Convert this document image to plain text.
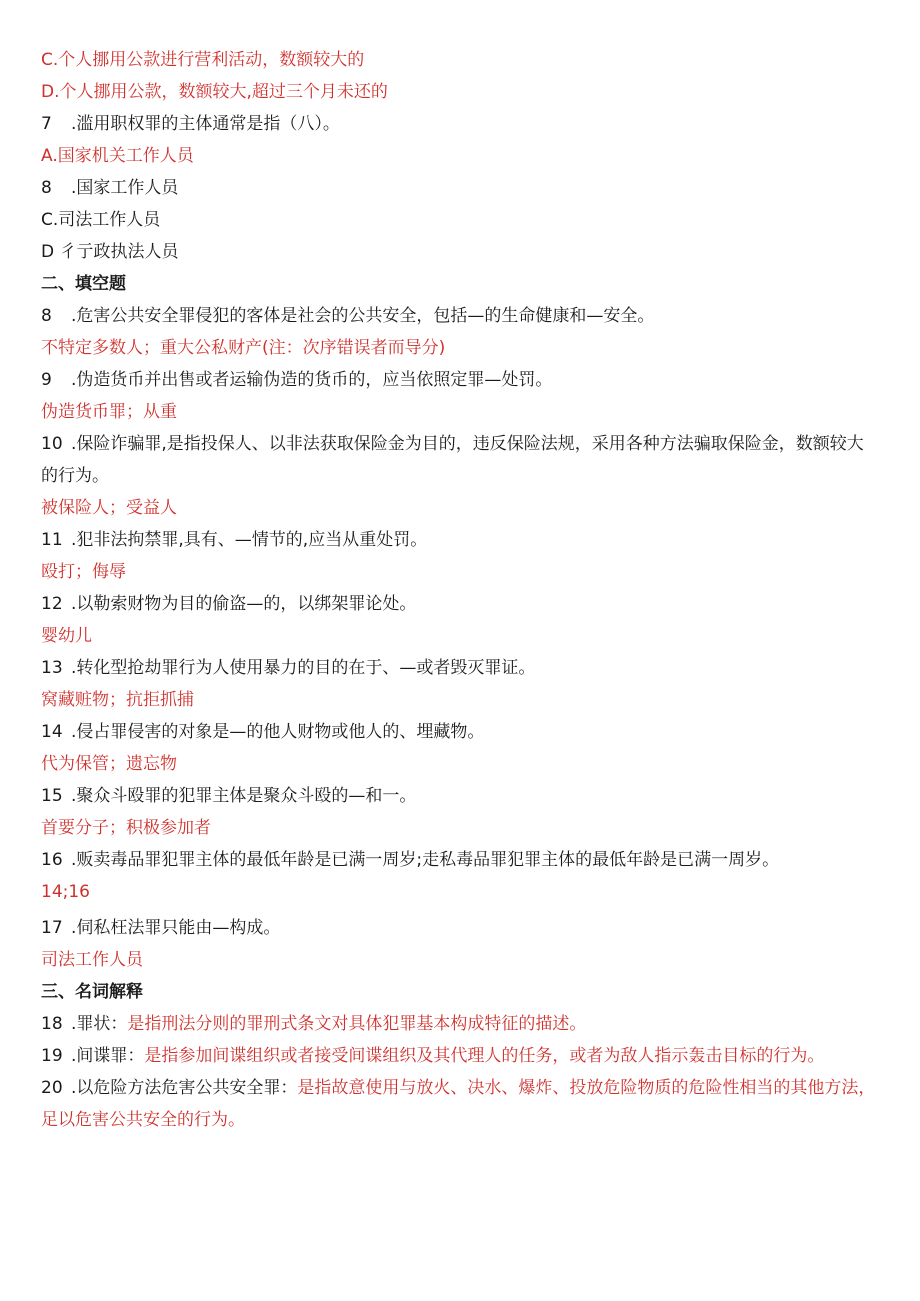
C.个人挪用公款进行营利活动，数额较大的
D.个人挪用公款，数额较大,超过三个月未还的
7 .滥用职权罪的主体通常是指（八）。
A.国家机关工作人员
8 .国家工作人员
C.司法工作人员
D 彳亍政执法人员
二、填空题
8 .危害公共安全罪侵犯的客体是社会的公共安全，包括—的生命健康和—安全。
不特定多数人；重大公私财产(注：次序错误者而导分)
9 .伪造货币并出售或者运输伪造的货币的，应当依照定罪—处罚。
伪造货币罪；从重
10 .保险诈骗罪,是指投保人、以非法获取保险金为目的，违反保险法规，采用各种方法骗取保险金，数额较大的行为。
被保险人；受益人
11 .犯非法拘禁罪,具有、—情节的,应当从重处罚。
殴打；侮辱
12 .以勒索财物为目的偷盗—的，以绑架罪论处。
婴幼儿
13 .转化型抢劫罪行为人使用暴力的目的在于、—或者毁灭罪证。
窝藏赃物；抗拒抓捕
14 .侵占罪侵害的对象是—的他人财物或他人的、埋藏物。
代为保管；遗忘物
15 .聚众斗殴罪的犯罪主体是聚众斗殴的—和一。
首要分子；积极参加者
16 .贩卖毒品罪犯罪主体的最低年龄是已满一周岁;走私毒品罪犯罪主体的最低年龄是已满一周岁。
14;16
17 .伺私枉法罪只能由—构成。
司法工作人员
三、名词解释
18 .罪状：是指刑法分则的罪刑式条文对具体犯罪基本构成特征的描述。
19 .间谍罪：是指参加间谍组织或者接受间谍组织及其代理人的任务，或者为敌人指示轰击目标的行为。
20 .以危险方法危害公共安全罪：是指故意使用与放火、决水、爆炸、投放危险物质的危险性相当的其他方法，足以危害公共安全的行为。
